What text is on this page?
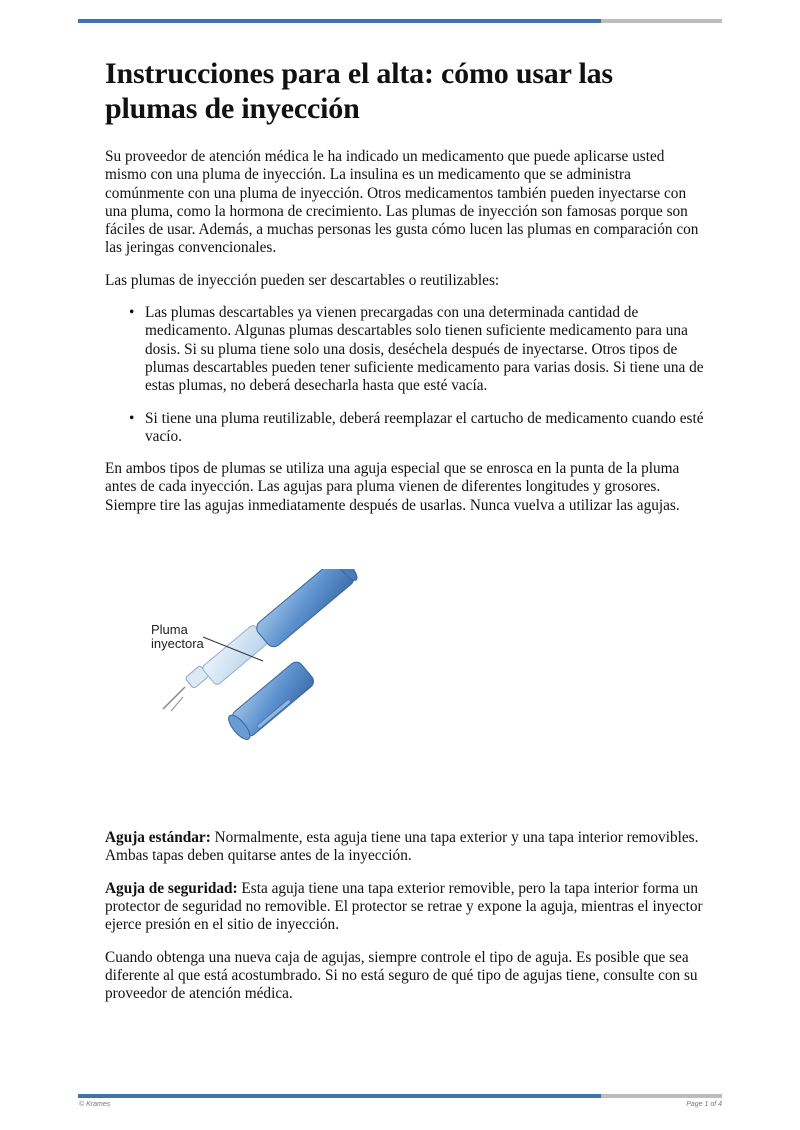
Instrucciones para el alta: cómo usar las plumas de inyección

Su proveedor de atención médica le ha indicado un medicamento que puede aplicarse usted mismo con una pluma de inyección. La insulina es un medicamento que se administra comúnmente con una pluma de inyección. Otros medicamentos también pueden inyectarse con una pluma, como la hormona de crecimiento. Las plumas de inyección son famosas porque son fáciles de usar. Además, a muchas personas les gusta cómo lucen las plumas en comparación con las jeringas convencionales.

Las plumas de inyección pueden ser descartables o reutilizables:

• Las plumas descartables ya vienen precargadas con una determinada cantidad de medicamento. Algunas plumas descartables solo tienen suficiente medicamento para una dosis. Si su pluma tiene solo una dosis, deséchela después de inyectarse. Otros tipos de plumas descartables pueden tener suficiente medicamento para varias dosis. Si tiene una de estas plumas, no deberá desecharla hasta que esté vacía.
• Si tiene una pluma reutilizable, deberá reemplazar el cartucho de medicamento cuando esté vacío.

En ambos tipos de plumas se utiliza una aguja especial que se enrosca en la punta de la pluma antes de cada inyección. Las agujas para pluma vienen de diferentes longitudes y grosores. Siempre tire las agujas inmediatamente después de usarlas. Nunca vuelva a utilizar las agujas.

Pluma
inyectora

Aguja estándar: Normalmente, esta aguja tiene una tapa exterior y una tapa interior removibles. Ambas tapas deben quitarse antes de la inyección.

Aguja de seguridad: Esta aguja tiene una tapa exterior removible, pero la tapa interior forma un protector de seguridad no removible. El protector se retrae y expone la aguja, mientras el inyector ejerce presión en el sitio de inyección.

Cuando obtenga una nueva caja de agujas, siempre controle el tipo de aguja. Es posible que sea diferente al que está acostumbrado. Si no está seguro de qué tipo de agujas tiene, consulte con su proveedor de atención médica.

© Krames	Page 1 of 4
